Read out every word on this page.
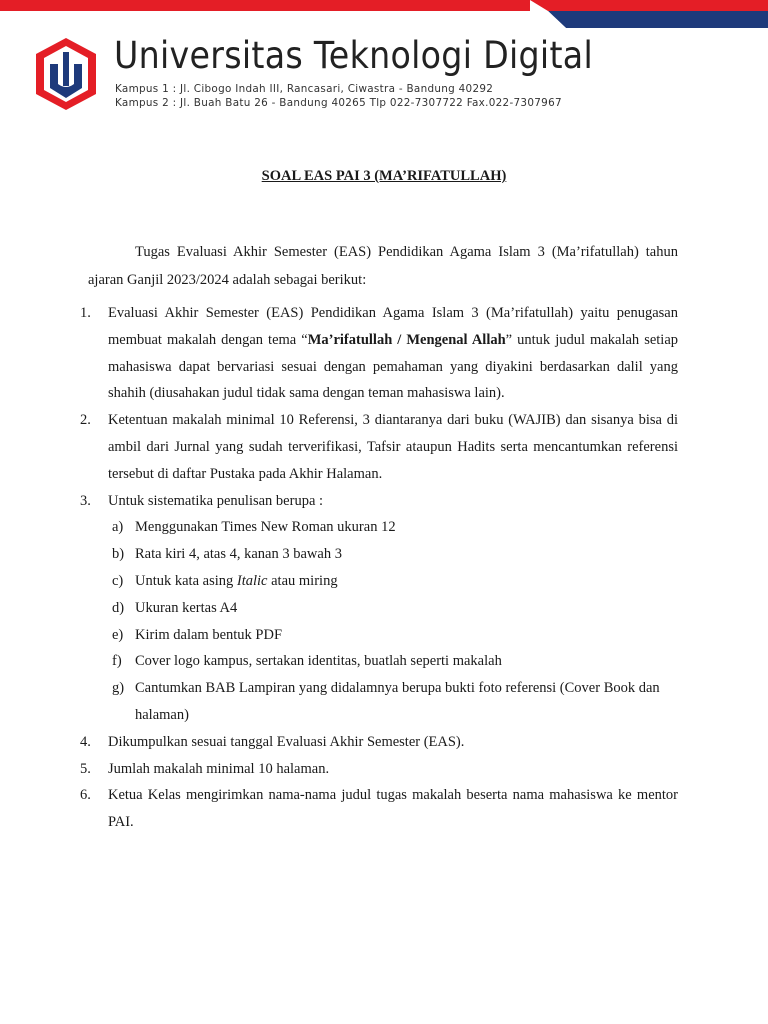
Universitas Teknologi Digital
Kampus 1 : Jl. Cibogo Indah III, Rancasari, Ciwastra - Bandung 40292
Kampus 2 : Jl. Buah Batu 26 - Bandung 40265 Tlp 022-7307722 Fax.022-7307967
SOAL EAS PAI 3 (MA’RIFATULLAH)
Tugas Evaluasi Akhir Semester (EAS) Pendidikan Agama Islam 3 (Ma’rifatullah) tahun
ajaran Ganjil 2023/2024 adalah sebagai berikut:
1. Evaluasi Akhir Semester (EAS) Pendidikan Agama Islam 3 (Ma’rifatullah) yaitu penugasan membuat makalah dengan tema “Ma’rifatullah / Mengenal Allah” untuk judul makalah setiap mahasiswa dapat bervariasi sesuai dengan pemahaman yang diyakini berdasarkan dalil yang shahih (diusahakan judul tidak sama dengan teman mahasiswa lain).
2. Ketentuan makalah minimal 10 Referensi, 3 diantaranya dari buku (WAJIB) dan sisanya bisa di ambil dari Jurnal yang sudah terverifikasi, Tafsir ataupun Hadits serta mencantumkan referensi tersebut di daftar Pustaka pada Akhir Halaman.
3. Untuk sistematika penulisan berupa :
a) Menggunakan Times New Roman ukuran 12
b) Rata kiri 4, atas 4, kanan 3 bawah 3
c) Untuk kata asing Italic atau miring
d) Ukuran kertas A4
e) Kirim dalam bentuk PDF
f) Cover logo kampus, sertakan identitas, buatlah seperti makalah
g) Cantumkan BAB Lampiran yang didalamnya berupa bukti foto referensi (Cover Book dan halaman)
4. Dikumpulkan sesuai tanggal Evaluasi Akhir Semester (EAS).
5. Jumlah makalah minimal 10 halaman.
6. Ketua Kelas mengirimkan nama-nama judul tugas makalah beserta nama mahasiswa ke mentor PAI.
